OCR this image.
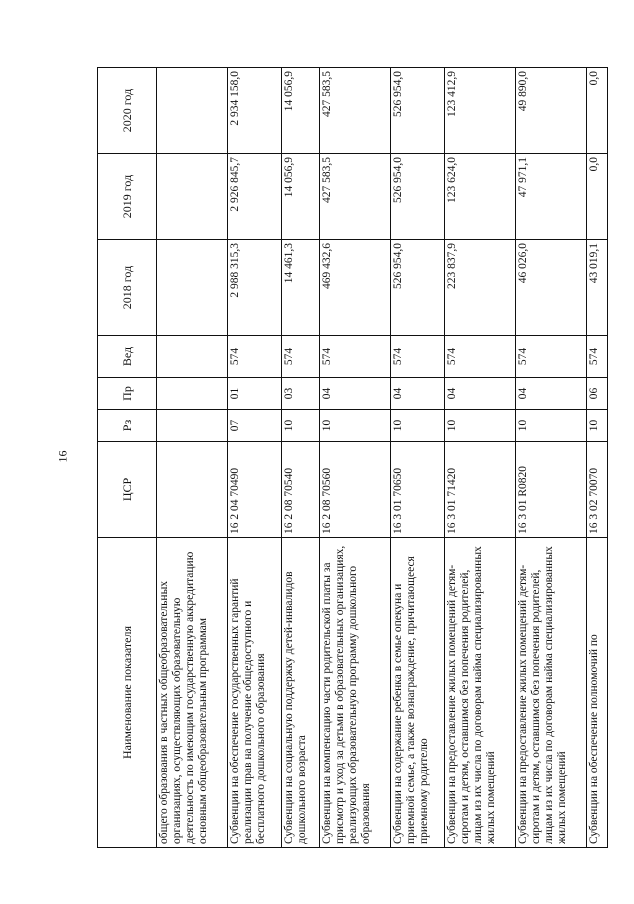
16
Наименование показателя	ЦСР	Рз	Пр	Вед	2018 год	2019 год	2020 год
общего образования в частных общеобразовательных организациях, осуществляющих образовательную деятельность по имеющим государственную аккредитацию основным общеобразовательным программам							
Субвенции на обеспечение государственных гарантий реализации прав на получение общедоступного и бесплатного дошкольного образования	16 2 04 70490	07	01	574	2 988 315,3	2 926 845,7	2 934 158,0
Субвенции на социальную поддержку детей-инвалидов дошкольного возраста	16 2 08 70540	10	03	574	14 461,3	14 056,9	14 056,9
Субвенции на компенсацию части родительской платы за присмотр и уход за детьми в образовательных организациях, реализующих образовательную программу дошкольного образования	16 2 08 70560	10	04	574	469 432,6	427 583,5	427 583,5
Субвенции на содержание ребенка в семье опекуна и приемной семье, а также вознаграждение, причитающееся приемному родителю	16 3 01 70650	10	04	574	526 954,0	526 954,0	526 954,0
Субвенции на предоставление жилых помещений детям-сиротам и детям, оставшимся без попечения родителей, лицам из их числа по договорам найма специализированных жилых помещений	16 3 01 71420	10	04	574	223 837,9	123 624,0	123 412,9
Субвенции на предоставление жилых помещений детям-сиротам и детям, оставшимся без попечения родителей, лицам из их числа по договорам найма специализированных жилых помещений	16 3 01 R0820	10	04	574	46 026,0	47 971,1	49 890,0
Субвенции на обеспечение полномочий по	16 3 02 70070	10	06	574	43 019,1	0,0	0,0
